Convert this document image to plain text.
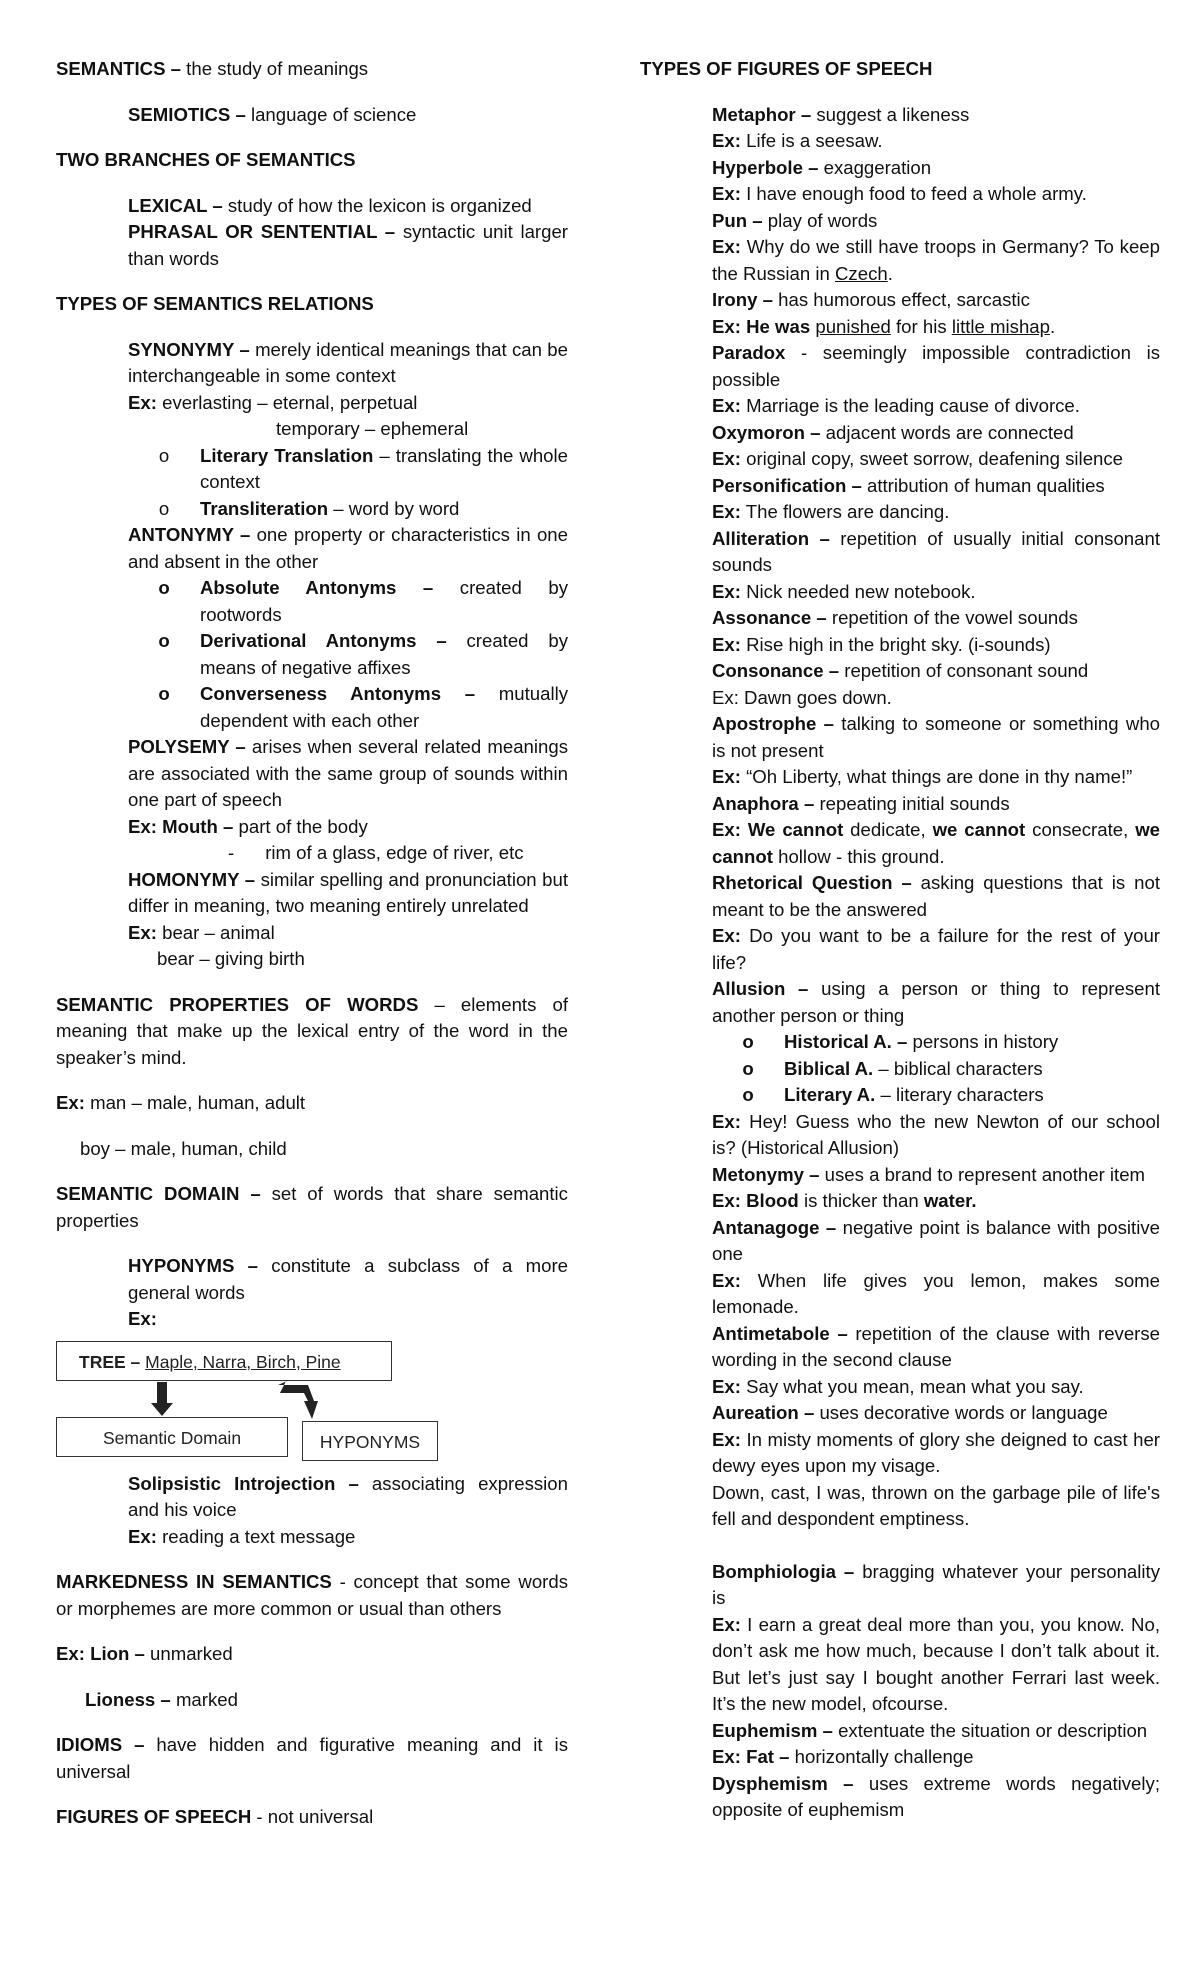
SEMANTICS – the study of meanings

SEMIOTICS – language of science

TWO BRANCHES OF SEMANTICS

LEXICAL – study of how the lexicon is organized

PHRASAL OR SENTENTIAL – syntactic unit larger than words

TYPES OF SEMANTICS RELATIONS

SYNONYMY – merely identical meanings that can be interchangeable in some context

Ex: everlasting – eternal, perpetual

temporary – ephemeral

o	Literary Translation – translating the whole context
o	Transliteration – word by word

ANTONYMY – one property or characteristics in one and absent in the other

o	Absolute Antonyms – created by rootwords
o	Derivational Antonyms – created by means of negative affixes
o	Converseness Antonyms – mutually dependent with each other

POLYSEMY – arises when several related meanings are associated with the same group of sounds within one part of speech

Ex: Mouth – part of the body

-      rim of a glass, edge of river, etc

HOMONYMY – similar spelling and pronunciation but differ in meaning, two meaning entirely unrelated

Ex: bear – animal

bear – giving birth

SEMANTIC PROPERTIES OF WORDS – elements of meaning that make up the lexical entry of the word in the speaker’s mind.

Ex: man – male, human, adult

boy – male, human, child

SEMANTIC DOMAIN – set of words that share semantic properties

HYPONYMS – constitute a subclass of a more general words

Ex:

TREE – Maple, Narra, Birch, Pine
Semantic Domain	HYPONYMS

Solipsistic Introjection – associating expression and his voice

Ex: reading a text message

MARKEDNESS IN SEMANTICS - concept that some words or morphemes are more common or usual than others

Ex: Lion – unmarked

Lioness – marked

IDIOMS – have hidden and figurative meaning and it is universal

FIGURES OF SPEECH - not universal

TYPES OF FIGURES OF SPEECH

Metaphor – suggest a likeness

Ex: Life is a seesaw.

Hyperbole – exaggeration

Ex: I have enough food to feed a whole army.

Pun – play of words

Ex: Why do we still have troops in Germany? To keep the Russian in Czech.

Irony – has humorous effect, sarcastic

Ex: He was punished for his little mishap.

Paradox - seemingly impossible contradiction is possible

Ex: Marriage is the leading cause of divorce.

Oxymoron – adjacent words are connected

Ex: original copy, sweet sorrow, deafening silence

Personification – attribution of human qualities

Ex: The flowers are dancing.

Alliteration – repetition of usually initial consonant sounds

Ex: Nick needed new notebook.

Assonance – repetition of the vowel sounds

Ex: Rise high in the bright sky. (i-sounds)

Consonance – repetition of consonant sound

Ex: Dawn goes down.

Apostrophe – talking to someone or something who is not present

Ex: “Oh Liberty, what things are done in thy name!”

Anaphora – repeating initial sounds

Ex: We cannot dedicate, we cannot consecrate, we cannot hollow - this ground.

Rhetorical Question – asking questions that is not meant to be the answered

Ex: Do you want to be a failure for the rest of your life?

Allusion – using a person or thing to represent another person or thing

o	Historical A. – persons in history
o	Biblical A. – biblical characters
o	Literary A. – literary characters

Ex: Hey! Guess who the new Newton of our school is? (Historical Allusion)

Metonymy – uses a brand to represent another item

Ex: Blood is thicker than water.

Antanagoge – negative point is balance with positive one

Ex: When life gives you lemon, makes some lemonade.

Antimetabole – repetition of the clause with reverse wording in the second clause

Ex: Say what you mean, mean what you say.

Aureation – uses decorative words or language

Ex: In misty moments of glory she deigned to cast her dewy eyes upon my visage.

Down, cast, I was, thrown on the garbage pile of life's fell and despondent emptiness.

Bomphiologia – bragging whatever your personality is

Ex: I earn a great deal more than you, you know. No, don’t ask me how much, because I don’t talk about it. But let’s just say I bought another Ferrari last week. It’s the new model, ofcourse.

Euphemism – extentuate the situation or description

Ex: Fat – horizontally challenge

Dysphemism – uses extreme words negatively; opposite of euphemism
